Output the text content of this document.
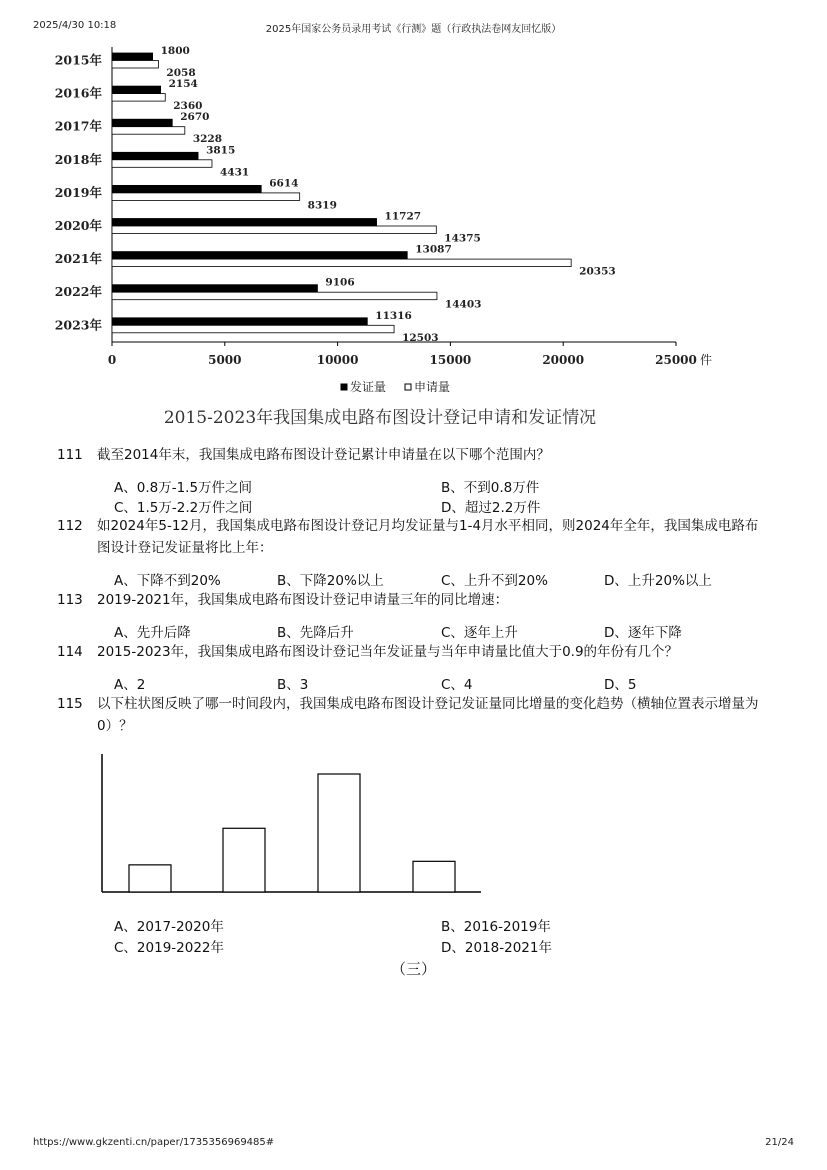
2025/4/30 10:18	2025年国家公务员录用考试《行测》题（行政执法卷网友回忆版）
0	5000	10000	15000	20000	25000 件
2015年
1800
2058
2016年
2154
2360
2017年
2670
3228
2018年
3815
4431
2019年
6614
8319
2020年
11727
14375
2021年
13087
20353
2022年
9106
14403
2023年
11316
12503
发证量 申请量
2015-2023年我国集成电路布图设计登记申请和发证情况
111 截至2014年末，我国集成电路布图设计登记累计申请量在以下哪个范围内？
A、0.8万-1.5万件之间	B、不到0.8万件
C、1.5万-2.2万件之间	D、超过2.2万件
112 如2024年5-12月，我国集成电路布图设计登记月均发证量与1-4月水平相同，则2024年全年，我国集成电路布图设计登记发证量将比上年：
A、下降不到20%	B、下降20%以上	C、上升不到20%	D、上升20%以上
113 2019-2021年，我国集成电路布图设计登记申请量三年的同比增速：
A、先升后降	B、先降后升	C、逐年上升	D、逐年下降
114 2015-2023年，我国集成电路布图设计登记当年发证量与当年申请量比值大于0.9的年份有几个？
A、2	B、3	C、4	D、5
115 以下柱状图反映了哪一时间段内，我国集成电路布图设计登记发证量同比增量的变化趋势（横轴位置表示增量为0）？
A、2017-2020年	B、2016-2019年
C、2019-2022年	D、2018-2021年
（三）
https://www.gkzenti.cn/paper/1735356969485#	21/24
